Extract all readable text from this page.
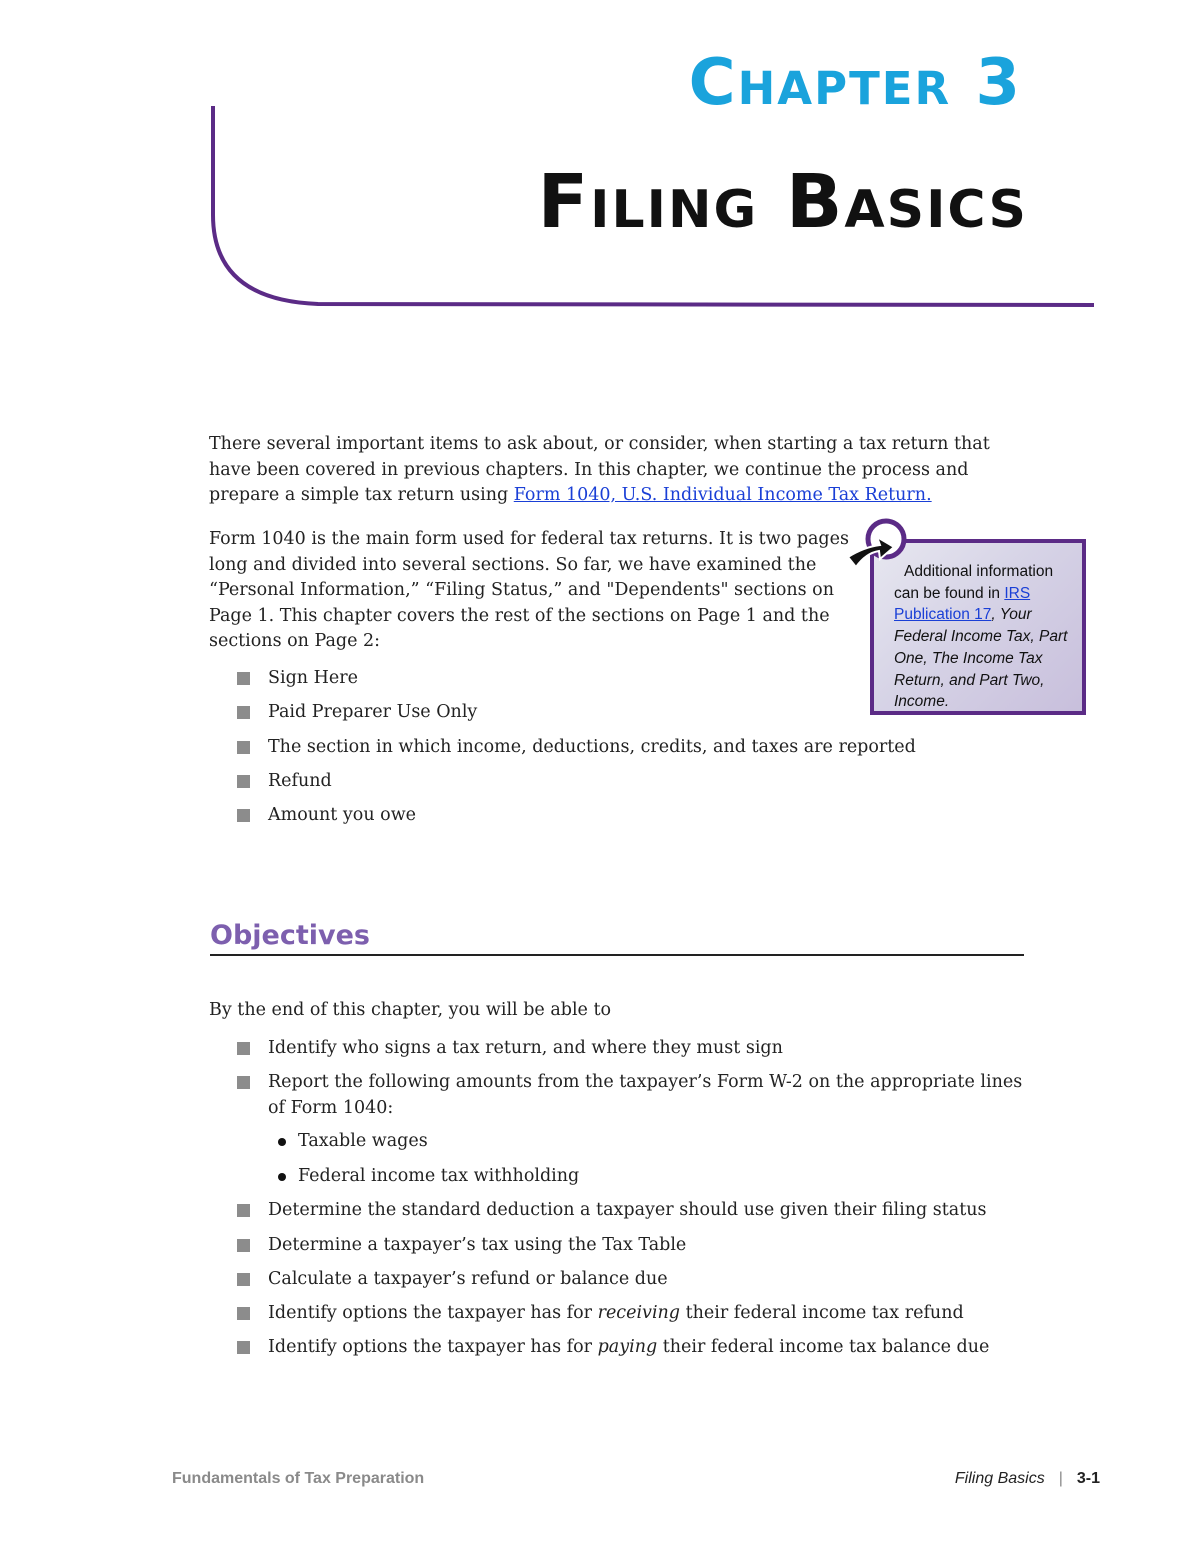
Chapter 3
Filing Basics

There several important items to ask about, or consider, when starting a tax return that have been covered in previous chapters. In this chapter, we continue the process and prepare a simple tax return using Form 1040, U.S. Individual Income Tax Return.

Form 1040 is the main form used for federal tax returns. It is two pages long and divided into several sections. So far, we have examined the “Personal Information,” “Filing Status,” and "Dependents" sections on Page 1. This chapter covers the rest of the sections on Page 1 and the sections on Page 2:

Sign Here
Paid Preparer Use Only
The section in which income, deductions, credits, and taxes are reported
Refund
Amount you owe
Additional information can be found in IRS Publication 17, Your Federal Income Tax, Part One, The Income Tax Return, and Part Two, Income.
Objectives
By the end of this chapter, you will be able to
Identify who signs a tax return, and where they must sign
Report the following amounts from the taxpayer’s Form W-2 on the appropriate lines of Form 1040:
Taxable wages
Federal income tax withholding
Determine the standard deduction a taxpayer should use given their filing status
Determine a taxpayer’s tax using the Tax Table
Calculate a taxpayer’s refund or balance due
Identify options the taxpayer has for receiving their federal income tax refund
Identify options the taxpayer has for paying their federal income tax balance due
Fundamentals of Tax Preparation	Filing Basics | 3-1
